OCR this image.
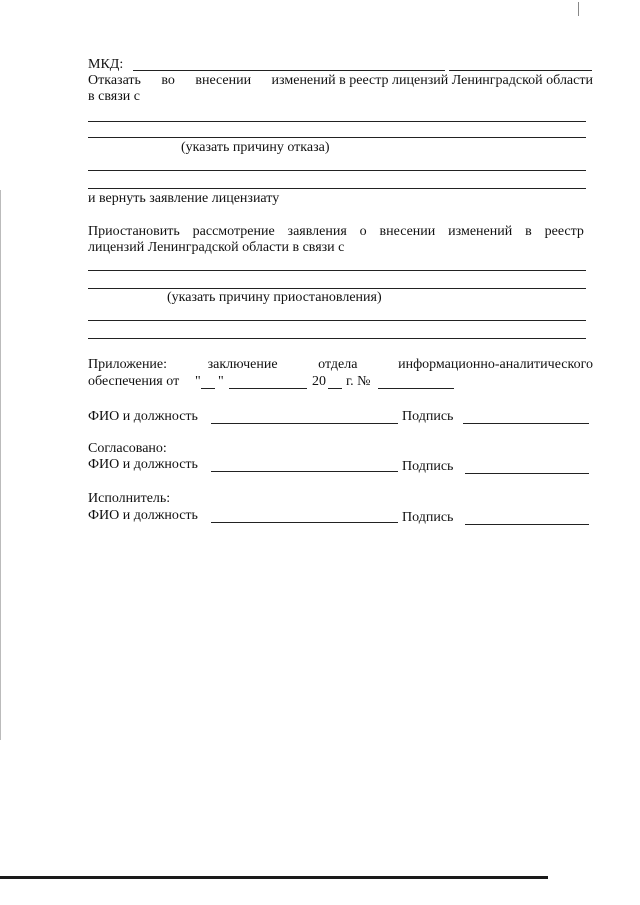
МКД:
Отказать во внесении изменений в реестр лицензий Ленинградской области
в связи с
(указать причину отказа)
и вернуть заявление лицензиату
Приостановить рассмотрение заявления о внесении изменений в реестр
лицензий Ленинградской области в связи с
(указать причину приостановления)
Приложение:	заключение	отдела	информационно-аналитического
обеспечения от " "	20 г. №
ФИО и должность	Подпись
Согласовано:
ФИО и должность	Подпись
Исполнитель:
ФИО и должность	Подпись
